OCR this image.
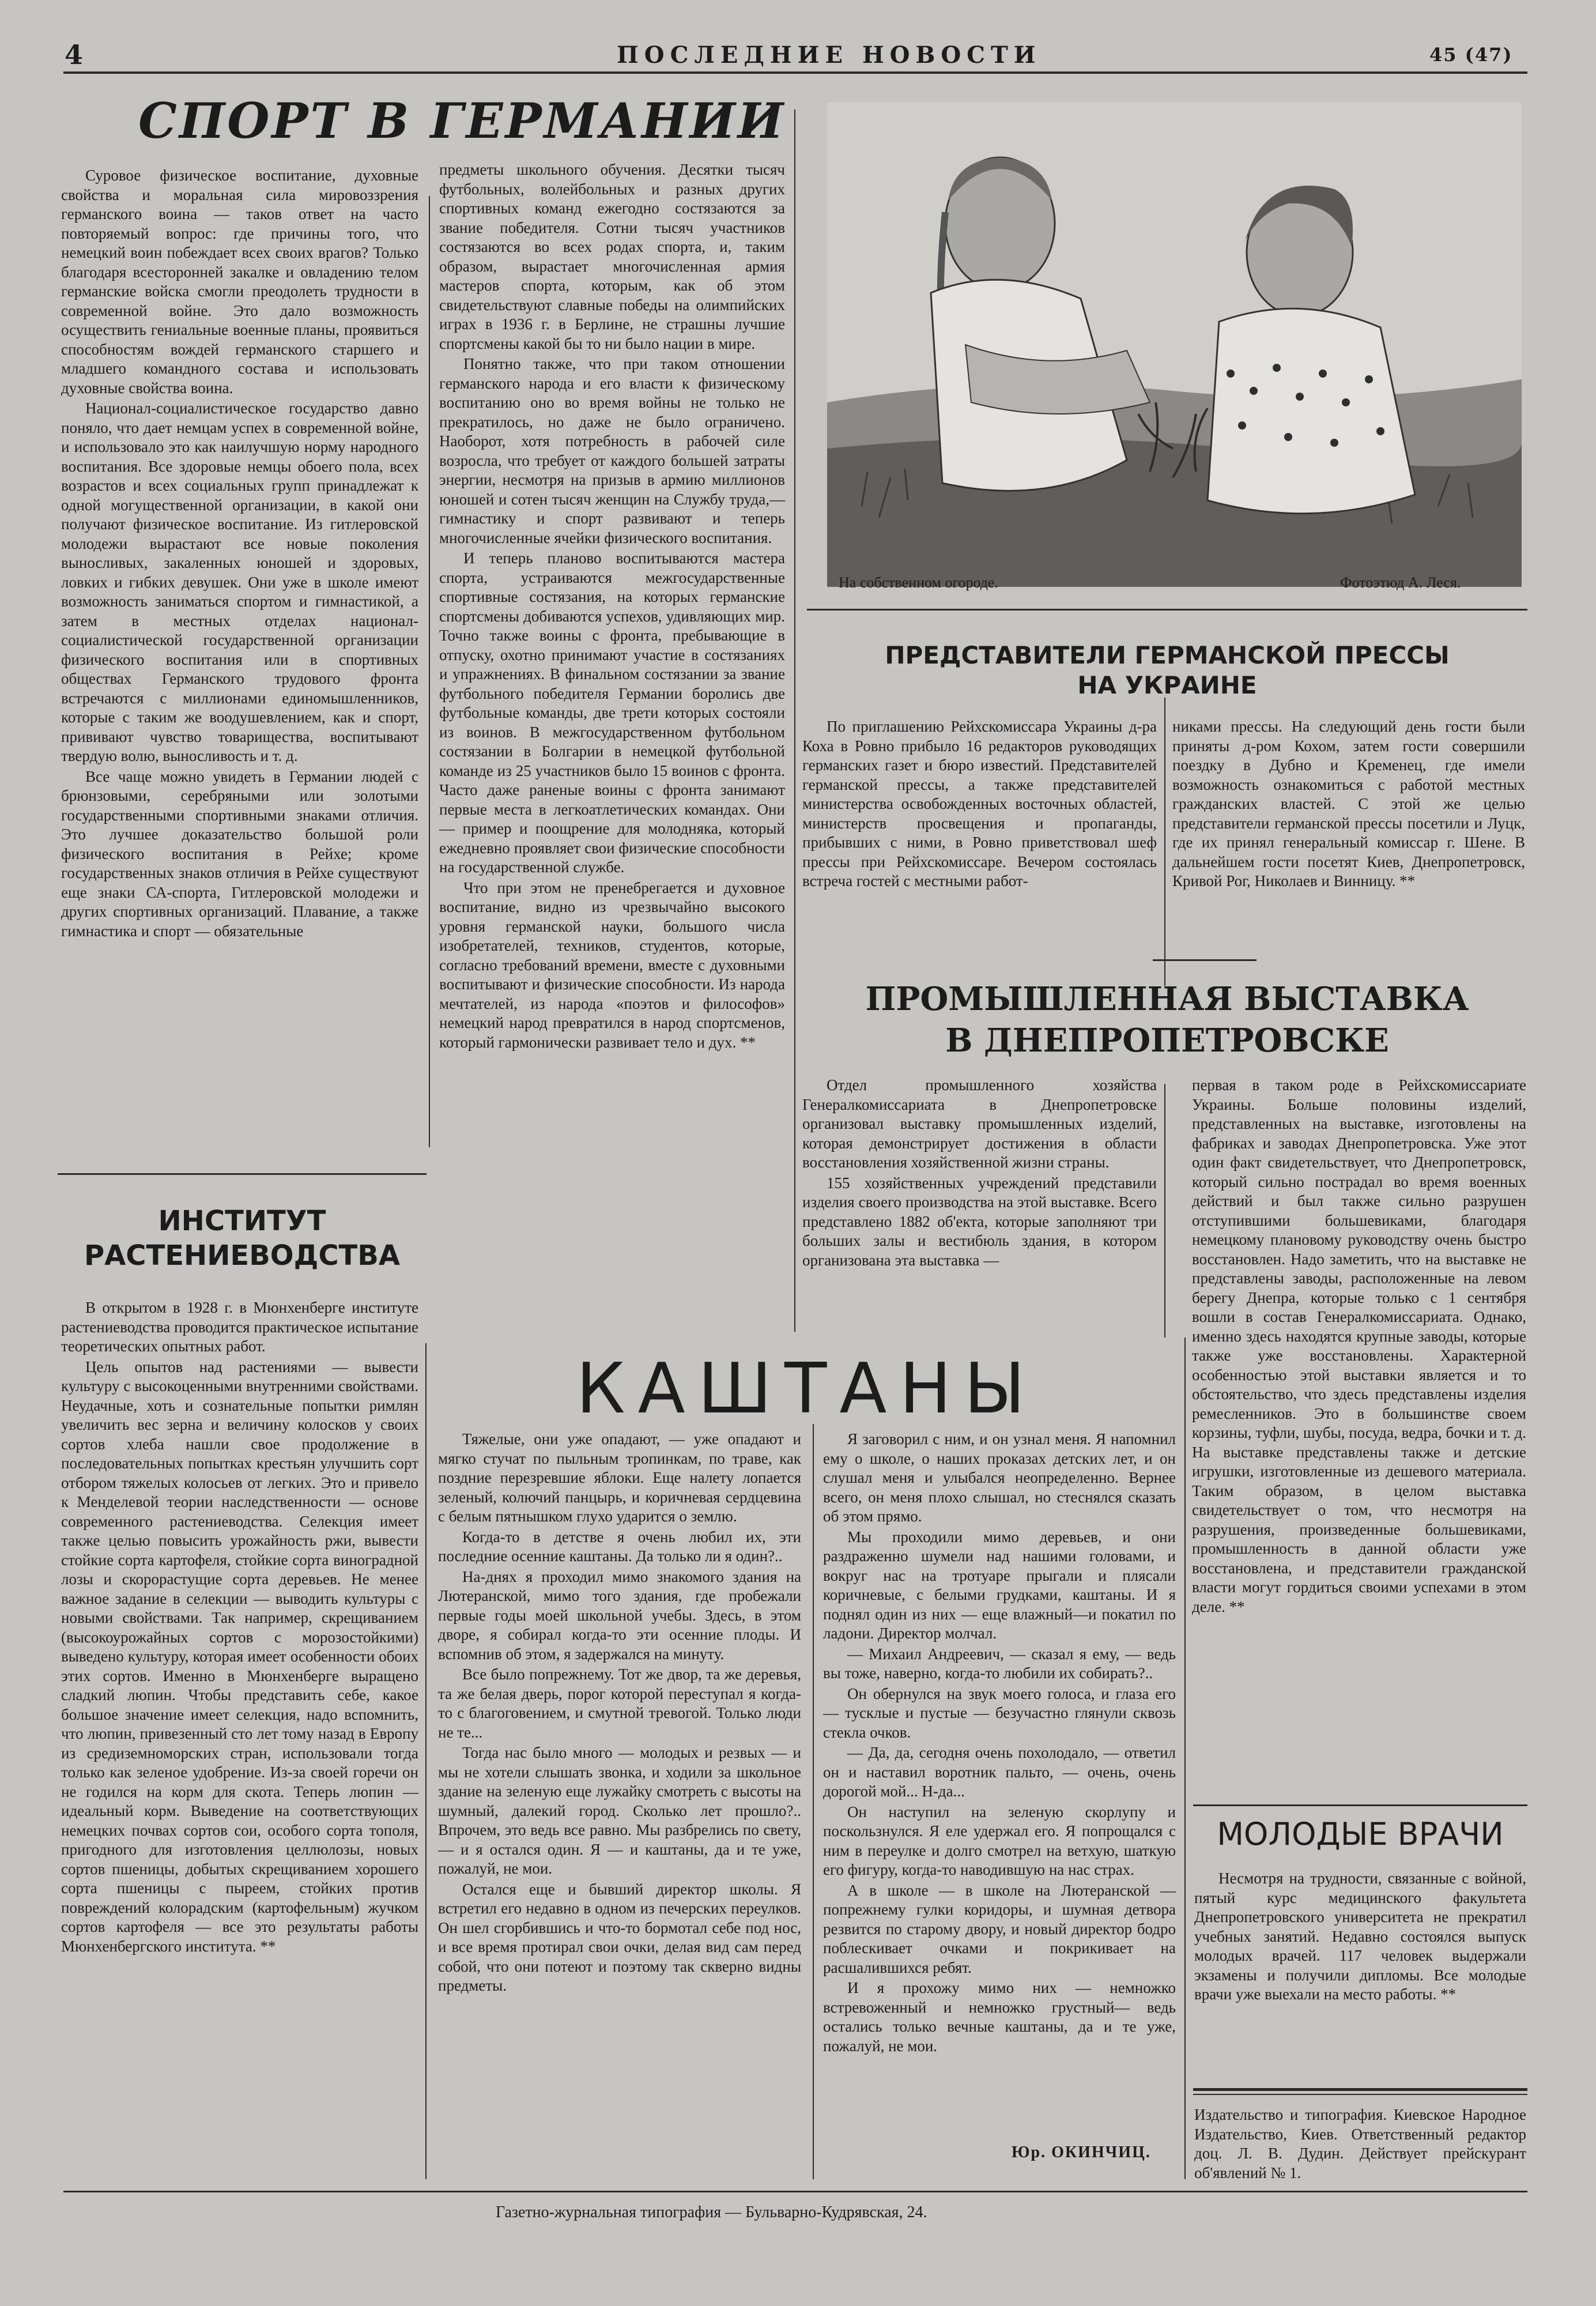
4	ПОСЛЕДНИЕ НОВОСТИ	45 (47)
СПОРТ В ГЕРМАНИИ

Суровое физическое воспитание, духовные свойства и моральная сила мировоззрения германского воина — таков ответ на часто повторяемый вопрос: где причины того, что немецкий воин побеждает всех своих врагов? Только благодаря всесторонней закалке и овладению телом германские войска смогли преодолеть трудности в современной войне. Это дало возможность осуществить гениальные военные планы, проявиться способностям вождей германского старшего и младшего командного состава и использовать духовные свойства воина.

Национал-социалистическое государство давно поняло, что дает немцам успех в современной войне, и использовало это как наилучшую норму народного воспитания. Все здоровые немцы обоего пола, всех возрастов и всех социальных групп принадлежат к одной могущественной организации, в какой они получают физическое воспитание. Из гитлеровской молодежи вырастают все новые поколения выносливых, закаленных юношей и здоровых, ловких и гибких девушек. Они уже в школе имеют возможность заниматься спортом и гимнастикой, а затем в местных отделах национал-социалистической государственной организации физического воспитания или в спортивных обществах Германского трудового фронта встречаются с миллионами единомышленников, которые с таким же воодушевлением, как и спорт, прививают чувство товарищества, воспитывают твердую волю, выносливость и т. д.

Все чаще можно увидеть в Германии людей с брюнзовыми, серебряными или золотыми государственными спортивными знаками отличия. Это лучшее доказательство большой роли физического воспитания в Рейхе; кроме государственных знаков отличия в Рейхе существуют еще знаки СА-спорта, Гитлеровской молодежи и других спортивных организаций. Плавание, а также гимнастика и спорт — обязательные

предметы школьного обучения. Десятки тысяч футбольных, волейбольных и разных других спортивных команд ежегодно состязаются за звание победителя. Сотни тысяч участников состязаются во всех родах спорта, и, таким образом, вырастает многочисленная армия мастеров спорта, которым, как об этом свидетельствуют славные победы на олимпийских играх в 1936 г. в Берлине, не страшны лучшие спортсмены какой бы то ни было нации в мире.

Понятно также, что при таком отношении германского народа и его власти к физическому воспитанию оно во время войны не только не прекратилось, но даже не было ограничено. Наоборот, хотя потребность в рабочей силе возросла, что требует от каждого большей затраты энергии, несмотря на призыв в армию миллионов юношей и сотен тысяч женщин на Службу труда,—гимнастику и спорт развивают и теперь многочисленные ячейки физического воспитания.

И теперь планово воспитываются мастера спорта, устраиваются межгосударственные спортивные состязания, на которых германские спортсмены добиваются успехов, удивляющих мир. Точно также воины с фронта, пребывающие в отпуску, охотно принимают участие в состязаниях и упражнениях. В финальном состязании за звание футбольного победителя Германии боролись две футбольные команды, две трети которых состояли из воинов. В межгосударственном футбольном состязании в Болгарии в немецкой футбольной команде из 25 участников было 15 воинов с фронта. Часто даже раненые воины с фронта занимают первые места в легкоатлетических командах. Они — пример и поощрение для молодняка, который ежедневно проявляет свои физические способности на государственной службе.

Что при этом не пренебрегается и духовное воспитание, видно из чрезвычайно высокого уровня германской науки, большого числа изобретателей, техников, студентов, которые, согласно требований времени, вместе с духовными воспитывают и физические способности. Из народа мечтателей, из народа «поэтов и философов» немецкий народ превратился в народ спортсменов, который гармонически развивает тело и дух. **

На собственном огороде.	Фотоэтюд А. Леся.
ПРЕДСТАВИТЕЛИ ГЕРМАНСКОЙ ПРЕССЫ
НА УКРАИНЕ

По приглашению Рейхскомиссара Украины д-ра Коха в Ровно прибыло 16 редакторов руководящих германских газет и бюро известий. Представителей германской прессы, а также представителей министерства освобожденных восточных областей, министерств просвещения и пропаганды, прибывших с ними, в Ровно приветствовал шеф прессы при Рейхскомиссаре. Вечером состоялась встреча гостей с местными работ-

никами прессы. На следующий день гости были приняты д-ром Кохом, затем гости совершили поездку в Дубно и Кременец, где имели возможность ознакомиться с работой местных гражданских властей. С этой же целью представители германской прессы посетили и Луцк, где их принял генеральный комиссар г. Шене. В дальнейшем гости посетят Киев, Днепропетровск, Кривой Рог, Николаев и Винницу. **

ПРОМЫШЛЕННАЯ ВЫСТАВКА
В ДНЕПРОПЕТРОВСКЕ

Отдел промышленного хозяйства Генералкомиссариата в Днепропетровске организовал выставку промышленных изделий, которая демонстрирует достижения в области восстановления хозяйственной жизни страны.

155 хозяйственных учреждений представили изделия своего производства на этой выставке. Всего представлено 1882 об'екта, которые заполняют три больших залы и вестибюль здания, в котором организована эта выставка —

первая в таком роде в Рейхскомиссариате Украины. Больше половины изделий, представленных на выставке, изготовлены на фабриках и заводах Днепропетровска. Уже этот один факт свидетельствует, что Днепропетровск, который сильно пострадал во время военных действий и был также сильно разрушен отступившими большевиками, благодаря немецкому плановому руководству очень быстро восстановлен. Надо заметить, что на выставке не представлены заводы, расположенные на левом берегу Днепра, которые только с 1 сентября вошли в состав Генералкомиссариата. Однако, именно здесь находятся крупные заводы, которые также уже восстановлены. Характерной особенностью этой выставки является и то обстоятельство, что здесь представлены изделия ремесленников. Это в большинстве своем корзины, туфли, шубы, посуда, ведра, бочки и т. д. На выставке представлены также и детские игрушки, изготовленные из дешевого материала. Таким образом, в целом выставка свидетельствует о том, что несмотря на разрушения, произведенные большевиками, промышленность в данной области уже восстановлена, и представители гражданской власти могут гордиться своими успехами в этом деле. **

ИНСТИТУТ
РАСТЕНИЕВОДСТВА

В открытом в 1928 г. в Мюнхенберге институте растениеводства проводится практическое испытание теоретических опытных работ.

Цель опытов над растениями — вывести культуру с высокоценными внутренними свойствами. Неудачные, хоть и сознательные попытки римлян увеличить вес зерна и величину колосков у своих сортов хлеба нашли свое продолжение в последовательных попытках крестьян улучшить сорт отбором тяжелых колосьев от легких. Это и привело к Менделевой теории наследственности — основе современного растениеводства. Селекция имеет также целью повысить урожайность ржи, вывести стойкие сорта картофеля, стойкие сорта виноградной лозы и скорорастущие сорта деревьев. Не менее важное задание в селекции — выводить культуры с новыми свойствами. Так например, скрещиванием (высокоурожайных сортов с морозостойкими) выведено культуру, которая имеет особенности обоих этих сортов. Именно в Мюнхенберге выращено сладкий люпин. Чтобы представить себе, какое большое значение имеет селекция, надо вспомнить, что люпин, привезенный сто лет тому назад в Европу из средиземноморских стран, использовали тогда только как зеленое удобрение. Из-за своей горечи он не годился на корм для скота. Теперь люпин — идеальный корм. Выведение на соответствующих немецких почвах сортов сои, особого сорта тополя, пригодного для изготовления целлюлозы, новых сортов пшеницы, добытых скрещиванием хорошего сорта пшеницы с пыреем, стойких против повреждений колорадским (картофельным) жучком сортов картофеля — все это результаты работы Мюнхенбергского института. **

КАШТАНЫ

Тяжелые, они уже опадают, — уже опадают и мягко стучат по пыльным тропинкам, по траве, как поздние перезревшие яблоки. Еще налету лопается зеленый, колючий панцырь, и коричневая сердцевина с белым пятнышком глухо ударится о землю.

Когда-то в детстве я очень любил их, эти последние осенние каштаны. Да только ли я один?..

На-днях я проходил мимо знакомого здания на Лютеранской, мимо того здания, где пробежали первые годы моей школьной учебы. Здесь, в этом дворе, я собирал когда-то эти осенние плоды. И вспомнив об этом, я задержался на минуту.

Все было попрежнему. Тот же двор, та же деревья, та же белая дверь, порог которой переступал я когда-то с благоговением, и смутной тревогой. Только люди не те...

Тогда нас было много — молодых и резвых — и мы не хотели слышать звонка, и ходили за школьное здание на зеленую еще лужайку смотреть с высоты на шумный, далекий город. Сколько лет прошло?.. Впрочем, это ведь все равно. Мы разбрелись по свету, — и я остался один. Я — и каштаны, да и те уже, пожалуй, не мои.

Остался еще и бывший директор школы. Я встретил его недавно в одном из печерских переулков. Он шел сгорбившись и что-то бормотал себе под нос, и все время протирал свои очки, делая вид сам перед собой, что они потеют и поэтому так скверно видны предметы.

Я заговорил с ним, и он узнал меня. Я напомнил ему о школе, о наших проказах детских лет, и он слушал меня и улыбался неопределенно. Вернее всего, он меня плохо слышал, но стеснялся сказать об этом прямо.

Мы проходили мимо деревьев, и они раздраженно шумели над нашими головами, и вокруг нас на тротуаре прыгали и плясали коричневые, с белыми грудками, каштаны. И я поднял один из них — еще влажный—и покатил по ладони. Директор молчал.

— Михаил Андреевич, — сказал я ему, — ведь вы тоже, наверно, когда-то любили их собирать?..

Он обернулся на звук моего голоса, и глаза его — тусклые и пустые — безучастно глянули сквозь стекла очков.

— Да, да, сегодня очень похолодало, — ответил он и наставил воротник пальто, — очень, очень дорогой мой... Н-да...

Он наступил на зеленую скорлупу и поскользнулся. Я еле удержал его. Я попрощался с ним в переулке и долго смотрел на ветхую, шаткую его фигуру, когда-то наводившую на нас страх.

А в школе — в школе на Лютеранской — попрежнему гулки коридоры, и шумная детвора резвится по старому двору, и новый директор бодро поблескивает очками и покрикивает на расшалившихся ребят.

И я прохожу мимо них — немножко встревоженный и немножко грустный— ведь остались только вечные каштаны, да и те уже, пожалуй, не мои.

Юр. ОКИНЧИЦ.
МОЛОДЫЕ ВРАЧИ

Несмотря на трудности, связанные с войной, пятый курс медицинского факультета Днепропетровского университета не прекратил учебных занятий. Недавно состоялся выпуск молодых врачей. 117 человек выдержали экзамены и получили дипломы. Все молодые врачи уже выехали на место работы. **

Издательство и типография. Киевское Народное Издательство, Киев. Ответственный редактор доц. Л. В. Дудин. Действует прейскурант об'явлений № 1.

Газетно-журнальная типография — Бульварно-Кудрявская, 24.
